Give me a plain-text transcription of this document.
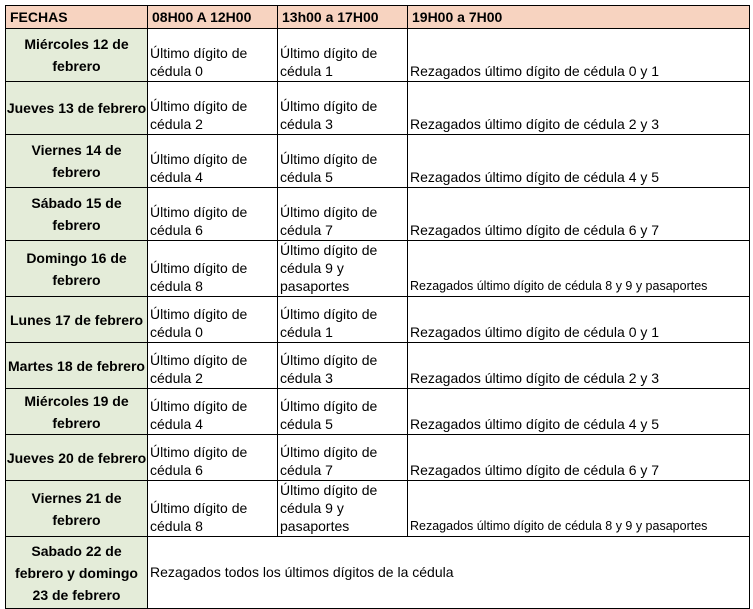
FECHAS	08H00 A 12H00	13h00 a 17H00	19H00 a 7H00
Miércoles 12 de febrero	Último dígito de cédula 0	Último dígito de cédula 1	Rezagados último dígito de cédula 0 y 1
Jueves 13 de febrero	Último dígito de cédula 2	Último dígito de cédula 3	Rezagados último dígito de cédula 2 y 3
Viernes 14 de febrero	Último dígito de cédula 4	Último dígito de cédula 5	Rezagados último dígito de cédula 4 y 5
Sábado 15 de febrero	Último dígito de cédula 6	Último dígito de cédula 7	Rezagados último dígito de cédula 6 y 7
Domingo 16 de febrero	Último dígito de cédula 8	Último dígito de cédula 9 y pasaportes	Rezagados último dígito de cédula 8 y 9 y pasaportes
Lunes 17 de febrero	Último dígito de cédula 0	Último dígito de cédula 1	Rezagados último dígito de cédula 0 y 1
Martes 18 de febrero	Último dígito de cédula 2	Último dígito de cédula 3	Rezagados último dígito de cédula 2 y 3
Miércoles 19 de febrero	Último dígito de cédula 4	Último dígito de cédula 5	Rezagados último dígito de cédula 4 y 5
Jueves 20 de febrero	Último dígito de cédula 6	Último dígito de cédula 7	Rezagados último dígito de cédula 6 y 7
Viernes 21 de febrero	Último dígito de cédula 8	Último dígito de cédula 9 y pasaportes	Rezagados último dígito de cédula 8 y 9 y pasaportes
Sabado 22 de febrero y domingo 23 de febrero	Rezagados todos los últimos dígitos de la cédula		
